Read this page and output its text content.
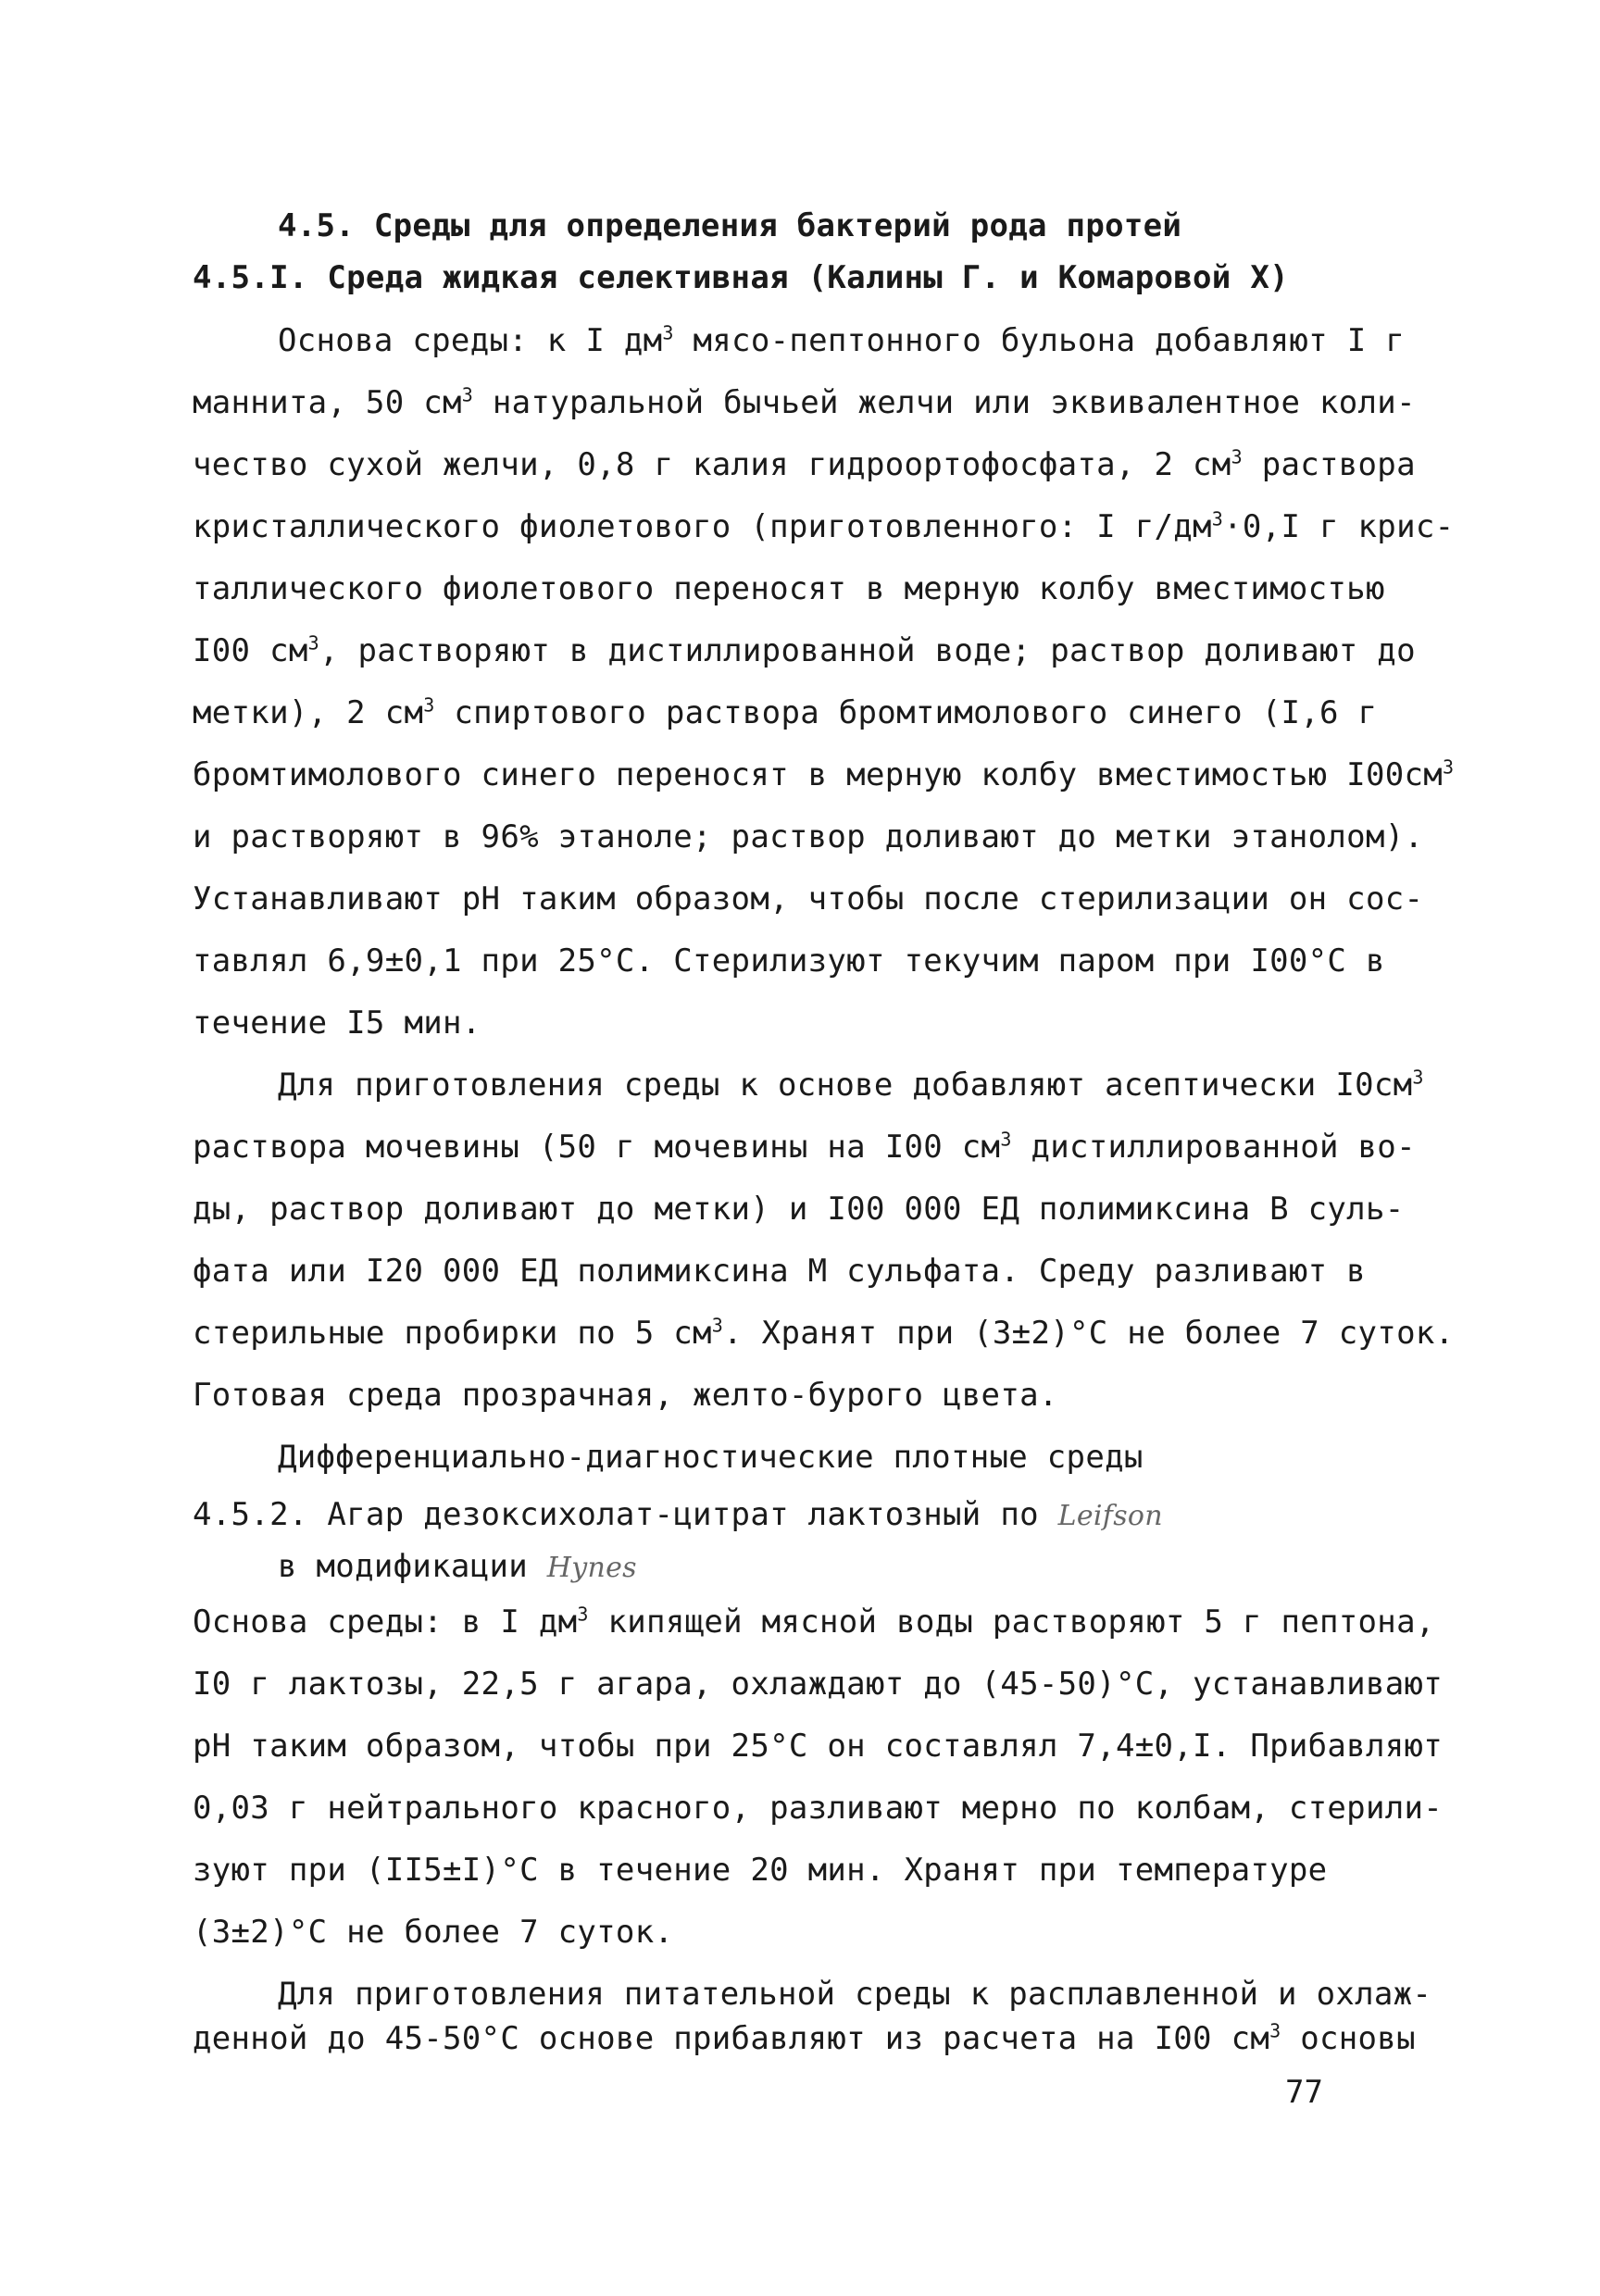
4.5. Среды для определения бактерий рода протей
4.5.I. Среда жидкая селективная (Калины Г. и Комаровой Х)
Основа среды: к I $дм^3$ мясо-пептонного бульона добавляют I г
маннита, 50 $см^3$ натуральной бычьей желчи или эквивалентное коли-
чество сухой желчи, 0,8 г калия гидроортофосфата, 2 $см^3$ раствора
кристаллического фиолетового (приготовленного: I $г/дм^3\cdot 0,I$ г крис-
таллического фиолетового переносят в мерную колбу вместимостью
I00 $см^3$, растворяют в дистиллированной воде; раствор доливают до
метки), 2 $см^3$ спиртового раствора бромтимолового синего (I,6 г
бромтимолового синего переносят в мерную колбу вместимостью $I00см^3$
и растворяют в 96% этаноле; раствор доливают до метки этанолом).
Устанавливают pH таким образом, чтобы после стерилизации он сос-
тавлял 6,9±0,1 при 25°C. Стерилизуют текучим паром при I00°C в
течение I5 мин.
Для приготовления среды к основе добавляют асептически $I0см^3$
раствора мочевины (50 г мочевины на I00 $см^3$ дистиллированной во-
ды, раствор доливают до метки) и I00 000 ЕД полимиксина В суль-
фата или I20 000 ЕД полимиксина М сульфата. Среду разливают в
стерильные пробирки по 5 $см^3$. Хранят при (3±2)°C не более 7 суток.
Готовая среда прозрачная, желто-бурого цвета.
Дифференциально-диагностические плотные среды
4.5.2. Агар дезоксихолат-цитрат лактозный по Leifson
в модификации Hynes
Основа среды: в I $дм^3$ кипящей мясной воды растворяют 5 г пептона,
I0 г лактозы, 22,5 г агара, охлаждают до (45-50)°C, устанавливают
pH таким образом, чтобы при 25°C он составлял 7,4±0,I. Прибавляют
0,03 г нейтрального красного, разливают мерно по колбам, стерили-
зуют при (II5±I)°C в течение 20 мин. Хранят при температуре
(3±2)°C не более 7 суток.
Для приготовления питательной среды к расплавленной и охлаж-
денной до 45-50°C основе прибавляют из расчета на I00 $см^3$ основы
77
